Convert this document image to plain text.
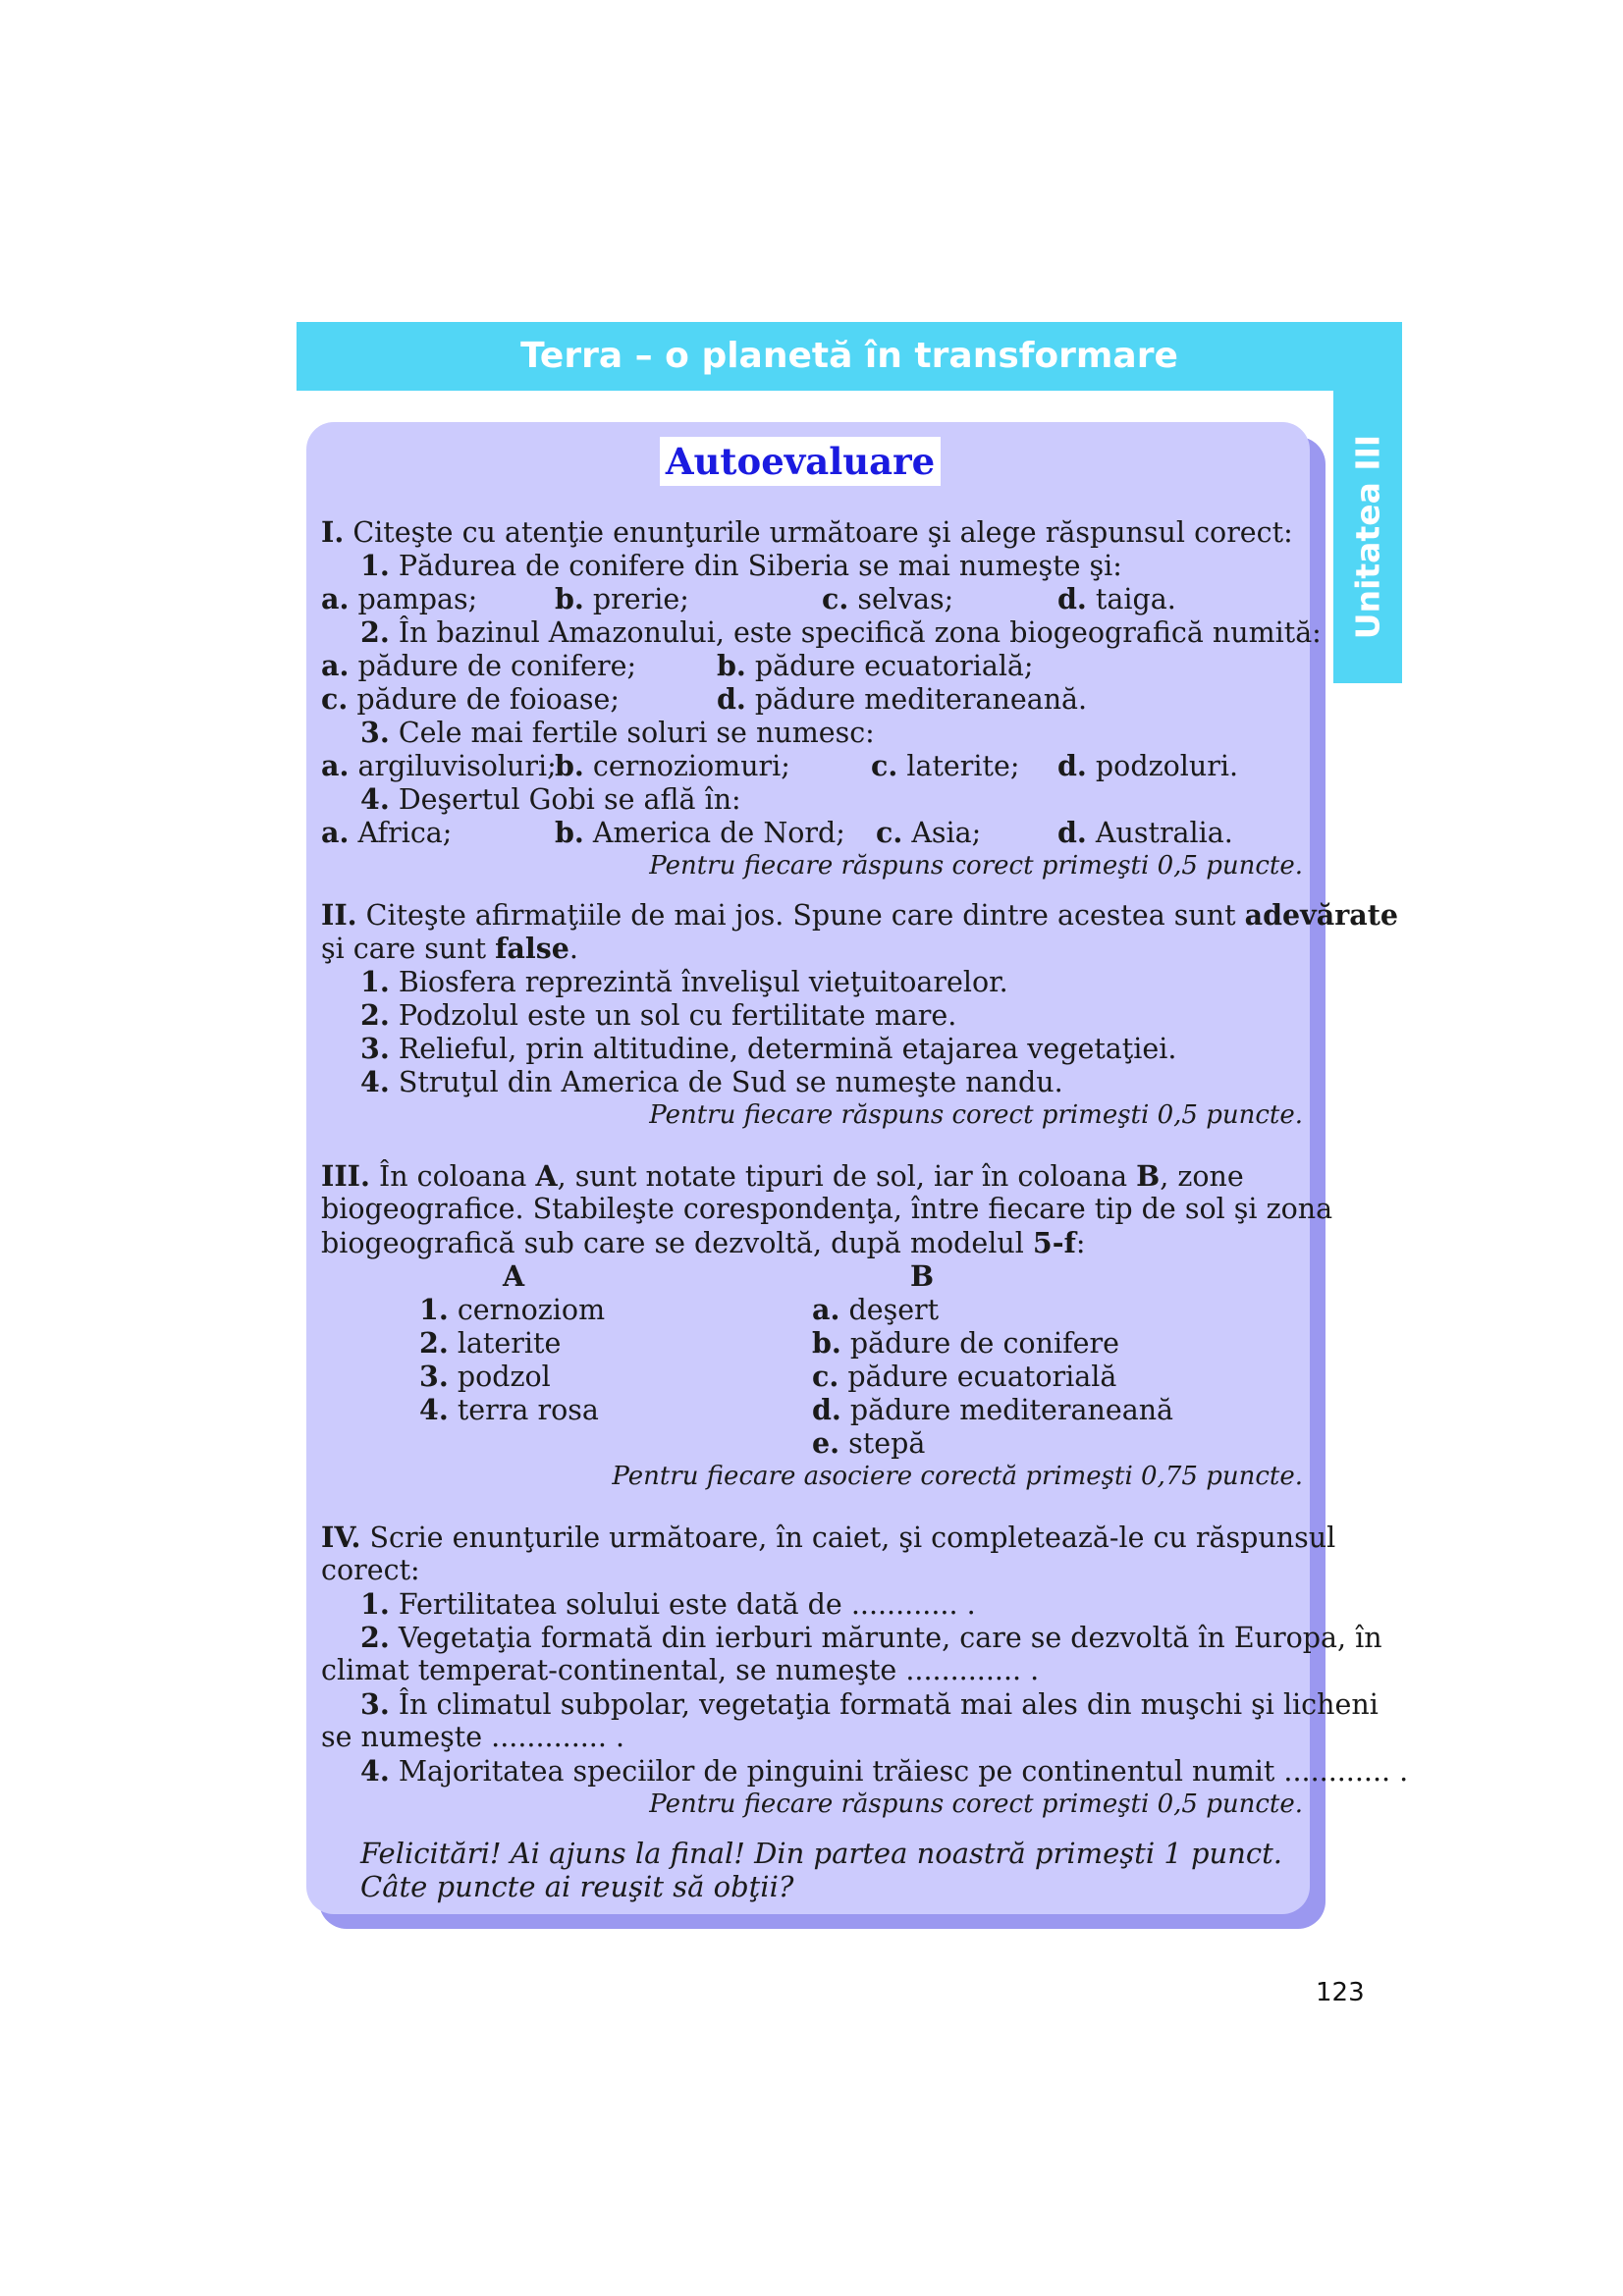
Terra – o planetă în transformare
Unitatea III
Autoevaluare
I. Citeşte cu atenţie enunţurile următoare şi alege răspunsul corect:
1. Pădurea de conifere din Siberia se mai numeşte şi:
a. pampas;	b. prerie;	c. selvas;	d. taiga.
2. În bazinul Amazonului, este specifică zona biogeografică numită:
a. pădure de conifere;	b. pădure ecuatorială;
c. pădure de foioase;	d. pădure mediteraneană.
3. Cele mai fertile soluri se numesc:
a. argiluvisoluri;
b. cernoziomuri;	c. laterite; d. podzoluri.
4. Deşertul Gobi se află în:
a. Africa;	b. America de Nord; c. Asia;	d. Australia.
Pentru fiecare răspuns corect primeşti 0,5 puncte.
II. Citeşte afirmaţiile de mai jos. Spune care dintre acestea sunt adevărate
şi care sunt false.
1. Biosfera reprezintă învelişul vieţuitoarelor.
2. Podzolul este un sol cu fertilitate mare.
3. Relieful, prin altitudine, determină etajarea vegetaţiei.
4. Struţul din America de Sud se numeşte nandu.
Pentru fiecare răspuns corect primeşti 0,5 puncte.
III. În coloana A, sunt notate tipuri de sol, iar în coloana B, zone
biogeografice. Stabileşte corespondenţa, între fiecare tip de sol şi zona
biogeografică sub care se dezvoltă, după modelul 5-f:
A	B
1. cernoziom	a. deşert
2. laterite	b. pădure de conifere
3. podzol	c. pădure ecuatorială
4. terra rosa	d. pădure mediteraneană
e. stepă
Pentru fiecare asociere corectă primeşti 0,75 puncte.
IV. Scrie enunţurile următoare, în caiet, şi completează-le cu răspunsul
corect:
1. Fertilitatea solului este dată de ............ .
2. Vegetaţia formată din ierburi mărunte, care se dezvoltă în Europa, în
climat temperat-continental, se numeşte ............. .
3. În climatul subpolar, vegetaţia formată mai ales din muşchi şi licheni
se numeşte ............. .
4. Majoritatea speciilor de pinguini trăiesc pe continentul numit ............ .
Pentru fiecare răspuns corect primeşti 0,5 puncte.
Felicitări! Ai ajuns la final! Din partea noastră primeşti 1 punct.
Câte puncte ai reuşit să obţii?
123
